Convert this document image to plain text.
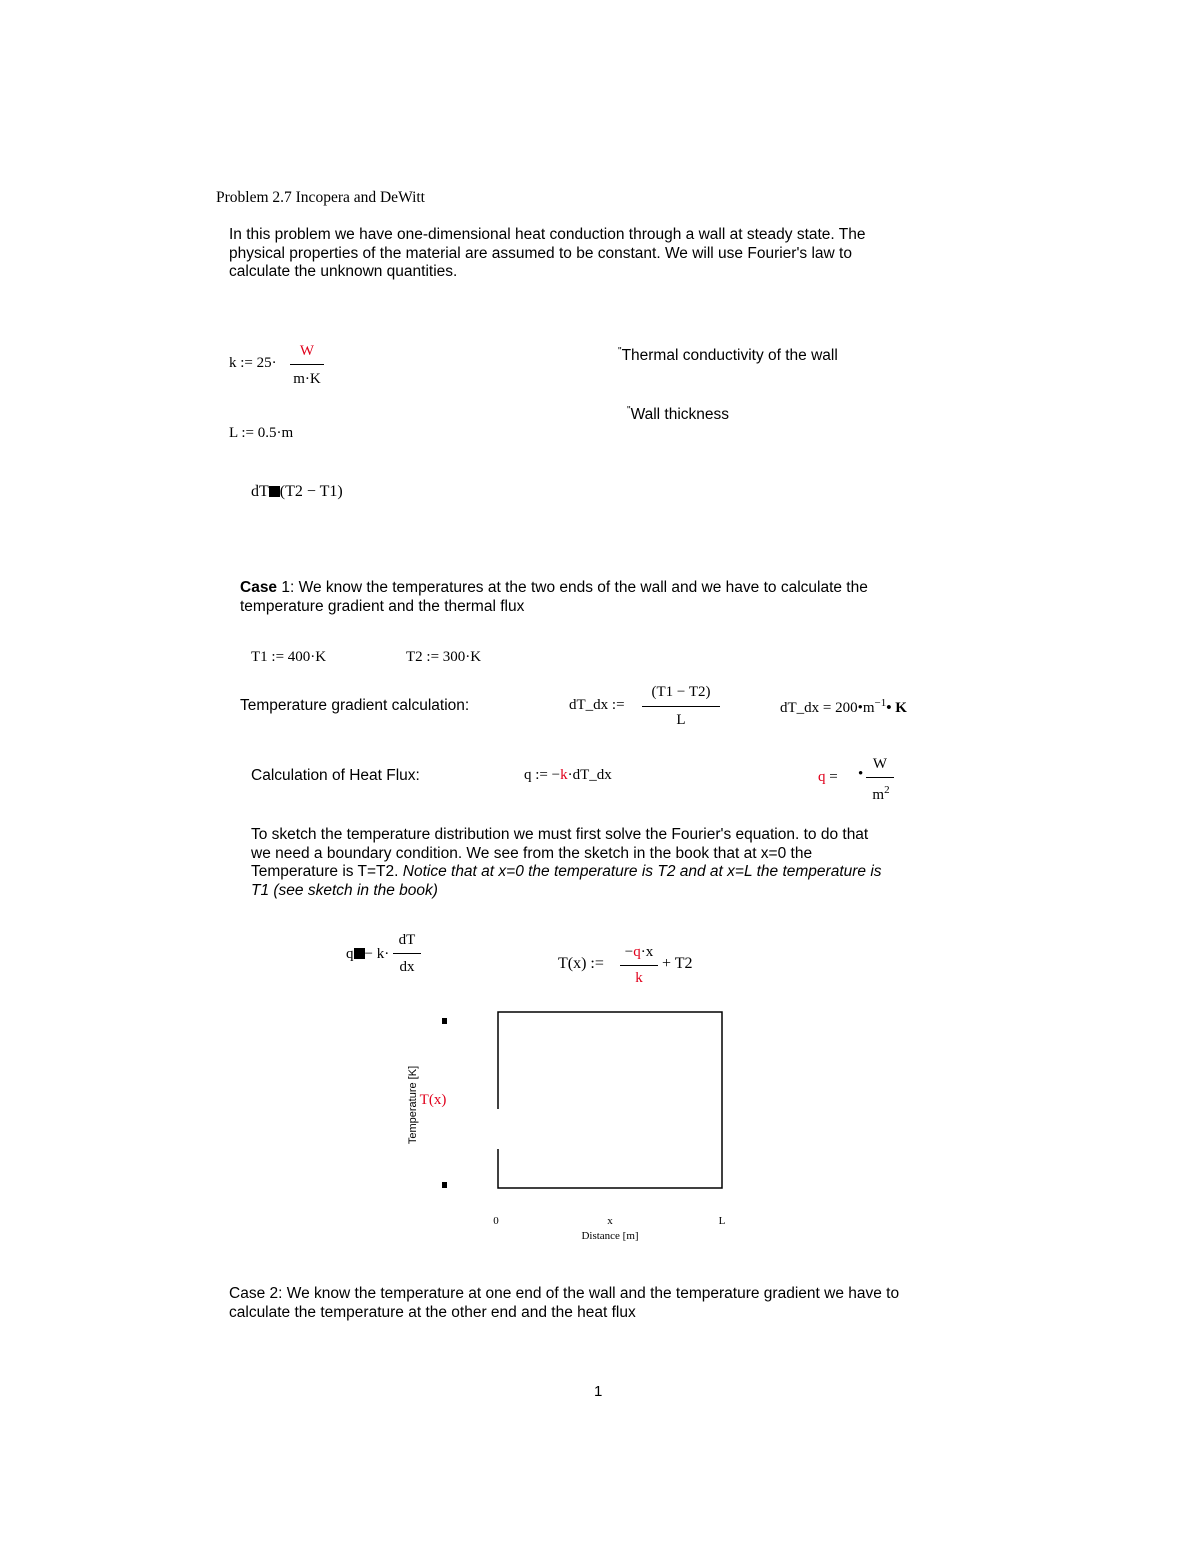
Problem 2.7 Incopera and DeWitt
In this problem we have one-dimensional heat conduction through a wall at steady state. The
physical properties of the material are assumed to be constant. We will use Fourier's law to
calculate the unknown quantities.
k := 25·
W
m·K
"Thermal conductivity of the wall
"Wall thickness
L := 0.5·m
dT (T2 − T1)
Case 1: We know the temperatures at the two ends of the wall and we have to calculate the
temperature gradient and the thermal flux
T1 := 400·K	T2 := 300·K
Temperature gradient calculation:	dT_dx :=
(T1 − T2)
L
dT_dx = $200•m^{-1}•$ K
Calculation of Heat Flux:	q := −k·dT_dx	q = •
W
$m^2$
To sketch the temperature distribution we must first solve the Fourier's equation. to do that
we need a boundary condition. We see from the sketch in the book that at x=0 the
Temperature is T=T2. Notice that at x=0 the temperature is T2 and at x=L the temperature is
T1 (see sketch in the book)
q − k·
dT
dx	T(x) :=
−q·x
k
+ T2
Temperature [K] T(x)
0	x	L
Distance [m]
Case 2: We know the temperature at one end of the wall and the temperature gradient we have to
calculate the temperature at the other end and the heat flux
1
